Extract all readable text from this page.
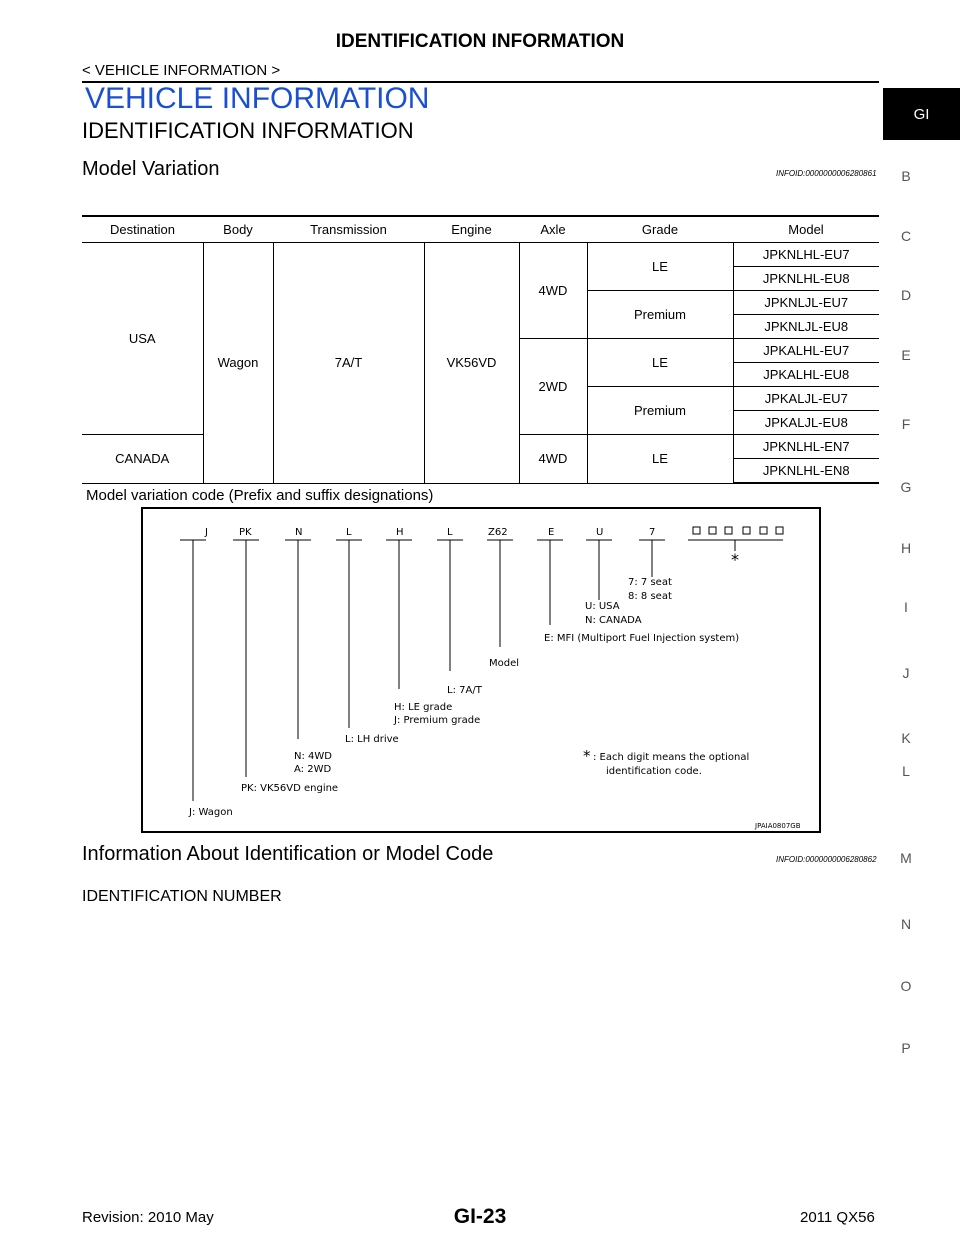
IDENTIFICATION INFORMATION
< VEHICLE INFORMATION >
VEHICLE INFORMATION
IDENTIFICATION INFORMATION
GI
B
C
D
E
F
G
H
I
J
K
L
M
N
O
P
Model Variation	INFOID:0000000006280861
Destination	Body	Transmission	Engine	Axle	Grade	Model
USA	Wagon	7A/T	VK56VD	4WD	LE	JPKNLHL-EU7
						JPKNLHL-EU8
					Premium	JPKNLJL-EU7
						JPKNLJL-EU8
				2WD	LE	JPKALHL-EU7
						JPKALHL-EU8
					Premium	JPKALJL-EU7
						JPKALJL-EU8
CANADA				4WD	LE	JPKNLHL-EN7
						JPKNLHL-EN8
Model variation code (Prefix and suffix designations)
J	PK	N	L	H	L	Z62	E	U	7
*
7: 7 seat
8: 8 seat
U: USA
N: CANADA
E: MFI (Multiport Fuel Injection system)
Model
L: 7A/T
H: LE grade
J: Premium grade
L: LH drive
N: 4WD
A: 2WD
PK: VK56VD engine
J: Wagon
* : Each digit means the optional
identification code.
JPAIA0807GB
Information About Identification or Model Code	INFOID:0000000006280862
IDENTIFICATION NUMBER
Revision: 2010 May	GI-23	2011 QX56
